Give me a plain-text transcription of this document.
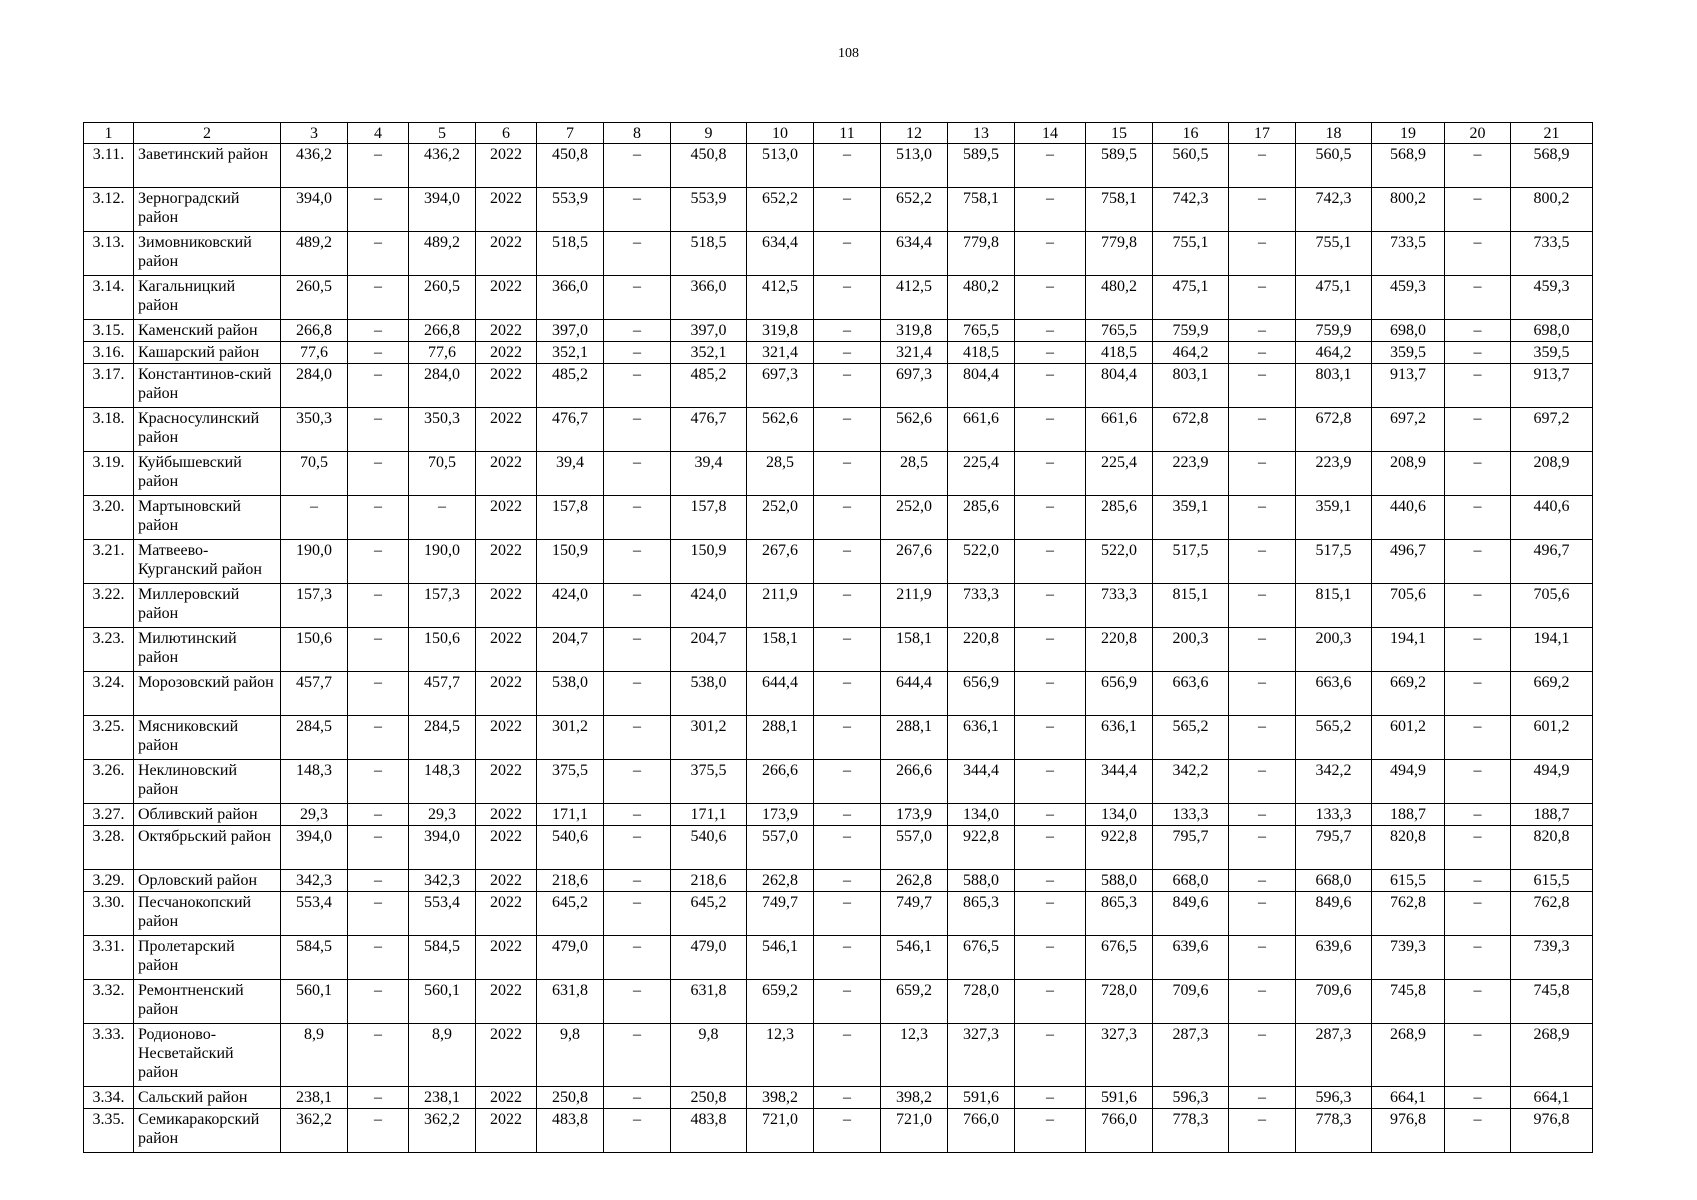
108
1	2	3	4	5	6	7	8	9	10	11	12	13	14	15	16	17	18	19	20	21
3.11.	Заветинский район	436,2	–	436,2	2022	450,8	–	450,8	513,0	–	513,0	589,5	–	589,5	560,5	–	560,5	568,9	–	568,9
3.12.	Зерноградский район	394,0	–	394,0	2022	553,9	–	553,9	652,2	–	652,2	758,1	–	758,1	742,3	–	742,3	800,2	–	800,2
3.13.	Зимовниковский район	489,2	–	489,2	2022	518,5	–	518,5	634,4	–	634,4	779,8	–	779,8	755,1	–	755,1	733,5	–	733,5
3.14.	Кагальницкий район	260,5	–	260,5	2022	366,0	–	366,0	412,5	–	412,5	480,2	–	480,2	475,1	–	475,1	459,3	–	459,3
3.15.	Каменский район	266,8	–	266,8	2022	397,0	–	397,0	319,8	–	319,8	765,5	–	765,5	759,9	–	759,9	698,0	–	698,0
3.16.	Кашарский район	77,6	–	77,6	2022	352,1	–	352,1	321,4	–	321,4	418,5	–	418,5	464,2	–	464,2	359,5	–	359,5
3.17.	Константинов-ский район	284,0	–	284,0	2022	485,2	–	485,2	697,3	–	697,3	804,4	–	804,4	803,1	–	803,1	913,7	–	913,7
3.18.	Красносулинский район	350,3	–	350,3	2022	476,7	–	476,7	562,6	–	562,6	661,6	–	661,6	672,8	–	672,8	697,2	–	697,2
3.19.	Куйбышевский район	70,5	–	70,5	2022	39,4	–	39,4	28,5	–	28,5	225,4	–	225,4	223,9	–	223,9	208,9	–	208,9
3.20.	Мартыновский район	–	–	–	2022	157,8	–	157,8	252,0	–	252,0	285,6	–	285,6	359,1	–	359,1	440,6	–	440,6
3.21.	Матвеево-Курганский район	190,0	–	190,0	2022	150,9	–	150,9	267,6	–	267,6	522,0	–	522,0	517,5	–	517,5	496,7	–	496,7
3.22.	Миллеровский район	157,3	–	157,3	2022	424,0	–	424,0	211,9	–	211,9	733,3	–	733,3	815,1	–	815,1	705,6	–	705,6
3.23.	Милютинский район	150,6	–	150,6	2022	204,7	–	204,7	158,1	–	158,1	220,8	–	220,8	200,3	–	200,3	194,1	–	194,1
3.24.	Морозовский район	457,7	–	457,7	2022	538,0	–	538,0	644,4	–	644,4	656,9	–	656,9	663,6	–	663,6	669,2	–	669,2
3.25.	Мясниковский район	284,5	–	284,5	2022	301,2	–	301,2	288,1	–	288,1	636,1	–	636,1	565,2	–	565,2	601,2	–	601,2
3.26.	Неклиновский район	148,3	–	148,3	2022	375,5	–	375,5	266,6	–	266,6	344,4	–	344,4	342,2	–	342,2	494,9	–	494,9
3.27.	Обливский район	29,3	–	29,3	2022	171,1	–	171,1	173,9	–	173,9	134,0	–	134,0	133,3	–	133,3	188,7	–	188,7
3.28.	Октябрьский район	394,0	–	394,0	2022	540,6	–	540,6	557,0	–	557,0	922,8	–	922,8	795,7	–	795,7	820,8	–	820,8
3.29.	Орловский район	342,3	–	342,3	2022	218,6	–	218,6	262,8	–	262,8	588,0	–	588,0	668,0	–	668,0	615,5	–	615,5
3.30.	Песчанокопский район	553,4	–	553,4	2022	645,2	–	645,2	749,7	–	749,7	865,3	–	865,3	849,6	–	849,6	762,8	–	762,8
3.31.	Пролетарский район	584,5	–	584,5	2022	479,0	–	479,0	546,1	–	546,1	676,5	–	676,5	639,6	–	639,6	739,3	–	739,3
3.32.	Ремонтненский район	560,1	–	560,1	2022	631,8	–	631,8	659,2	–	659,2	728,0	–	728,0	709,6	–	709,6	745,8	–	745,8
3.33.	Родионово-Несветайский район	8,9	–	8,9	2022	9,8	–	9,8	12,3	–	12,3	327,3	–	327,3	287,3	–	287,3	268,9	–	268,9
3.34.	Сальский район	238,1	–	238,1	2022	250,8	–	250,8	398,2	–	398,2	591,6	–	591,6	596,3	–	596,3	664,1	–	664,1
3.35.	Семикаракорский район	362,2	–	362,2	2022	483,8	–	483,8	721,0	–	721,0	766,0	–	766,0	778,3	–	778,3	976,8	–	976,8
